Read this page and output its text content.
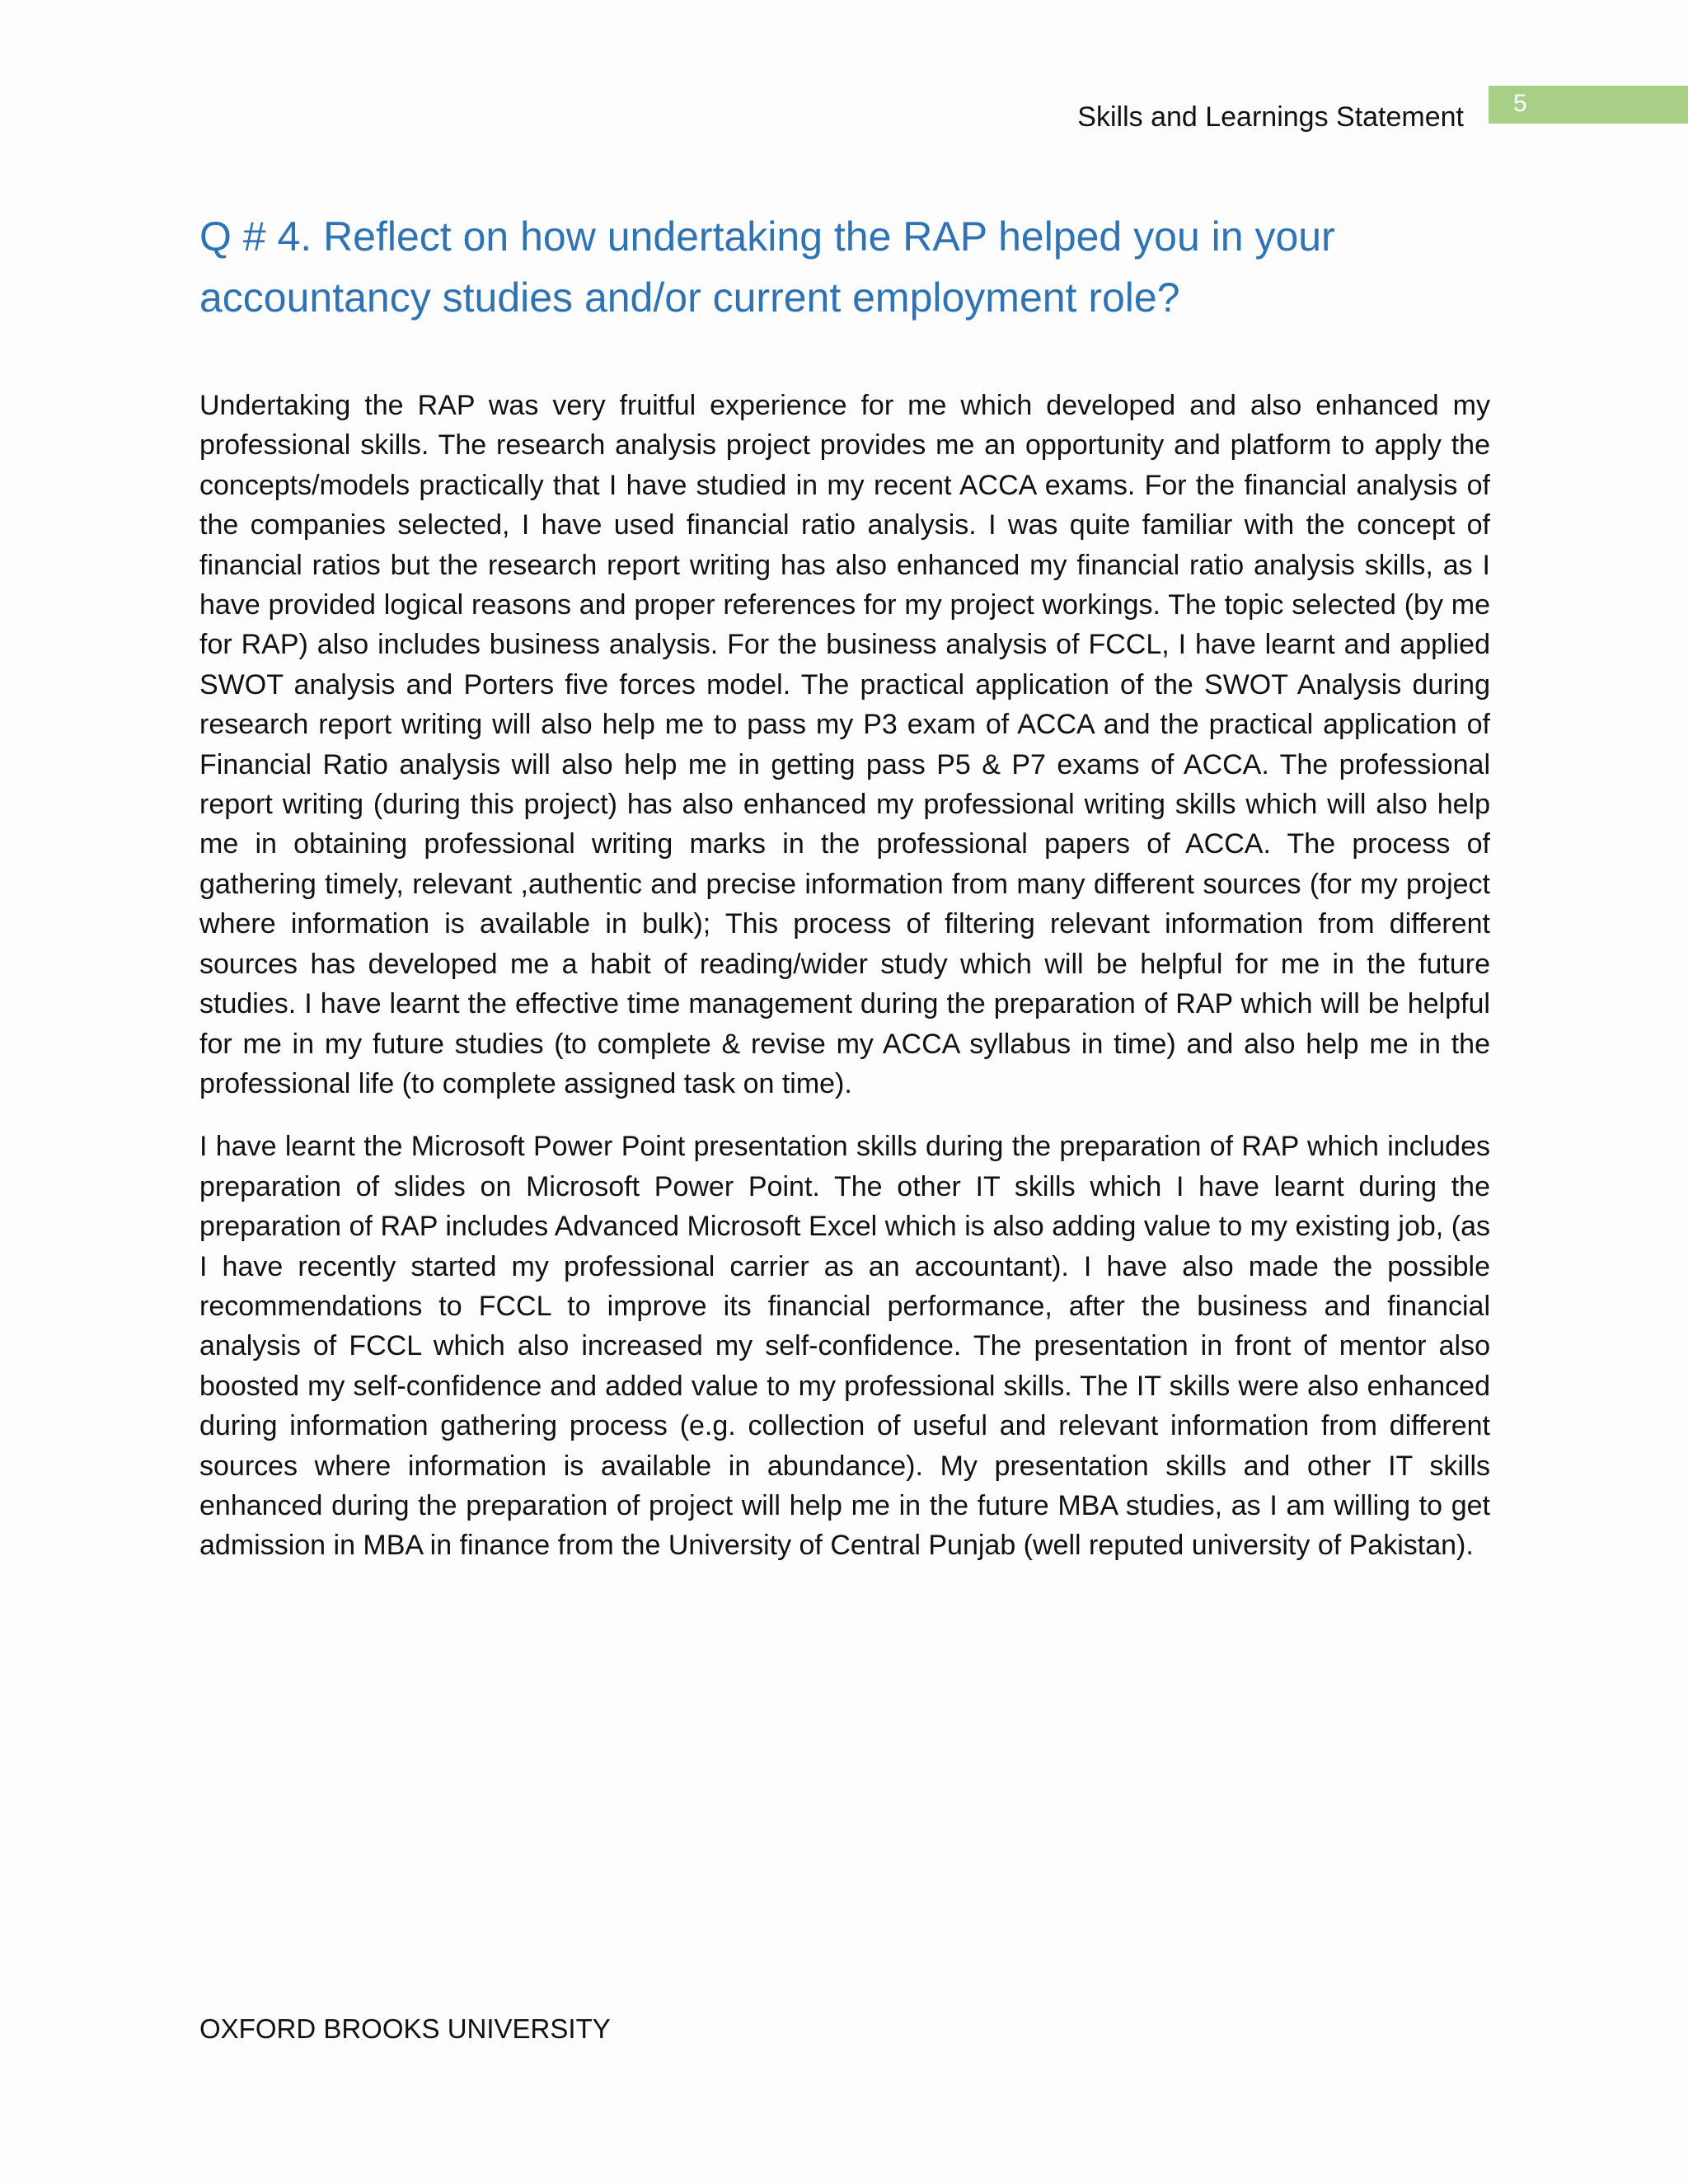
Skills and Learnings Statement 5
Q # 4. Reflect on how undertaking the RAP helped you in your accountancy studies and/or current employment role?

Undertaking the RAP was very fruitful experience for me which developed and also enhanced my professional skills. The research analysis project provides me an opportunity and platform to apply the concepts/models practically that I have studied in my recent ACCA exams. For the financial analysis of the companies selected, I have used financial ratio analysis. I was quite familiar with the concept of financial ratios but the research report writing has also enhanced my financial ratio analysis skills, as I have provided logical reasons and proper references for my project workings. The topic selected (by me for RAP) also includes business analysis. For the business analysis of FCCL, I have learnt and applied SWOT analysis and Porters five forces model. The practical application of the SWOT Analysis during research report writing will also help me to pass my P3 exam of ACCA and the practical application of Financial Ratio analysis will also help me in getting pass P5 & P7 exams of ACCA. The professional report writing (during this project) has also enhanced my professional writing skills which will also help me in obtaining professional writing marks in the professional papers of ACCA. The process of gathering timely, relevant ,authentic and precise information from many different sources (for my project where information is available in bulk); This process of filtering relevant information from different sources has developed me a habit of reading/wider study which will be helpful for me in the future studies. I have learnt the effective time management during the preparation of RAP which will be helpful for me in my future studies (to complete & revise my ACCA syllabus in time) and also help me in the professional life (to complete assigned task on time).

I have learnt the Microsoft Power Point presentation skills during the preparation of RAP which includes preparation of slides on Microsoft Power Point. The other IT skills which I have learnt during the preparation of RAP includes Advanced Microsoft Excel which is also adding value to my existing job, (as I have recently started my professional carrier as an accountant). I have also made the possible recommendations to FCCL to improve its financial performance, after the business and financial analysis of FCCL which also increased my self-confidence. The presentation in front of mentor also boosted my self-confidence and added value to my professional skills. The IT skills were also enhanced during information gathering process (e.g. collection of useful and relevant information from different sources where information is available in abundance). My presentation skills and other IT skills enhanced during the preparation of project will help me in the future MBA studies, as I am willing to get admission in MBA in finance from the University of Central Punjab (well reputed university of Pakistan).

OXFORD BROOKS UNIVERSITY
